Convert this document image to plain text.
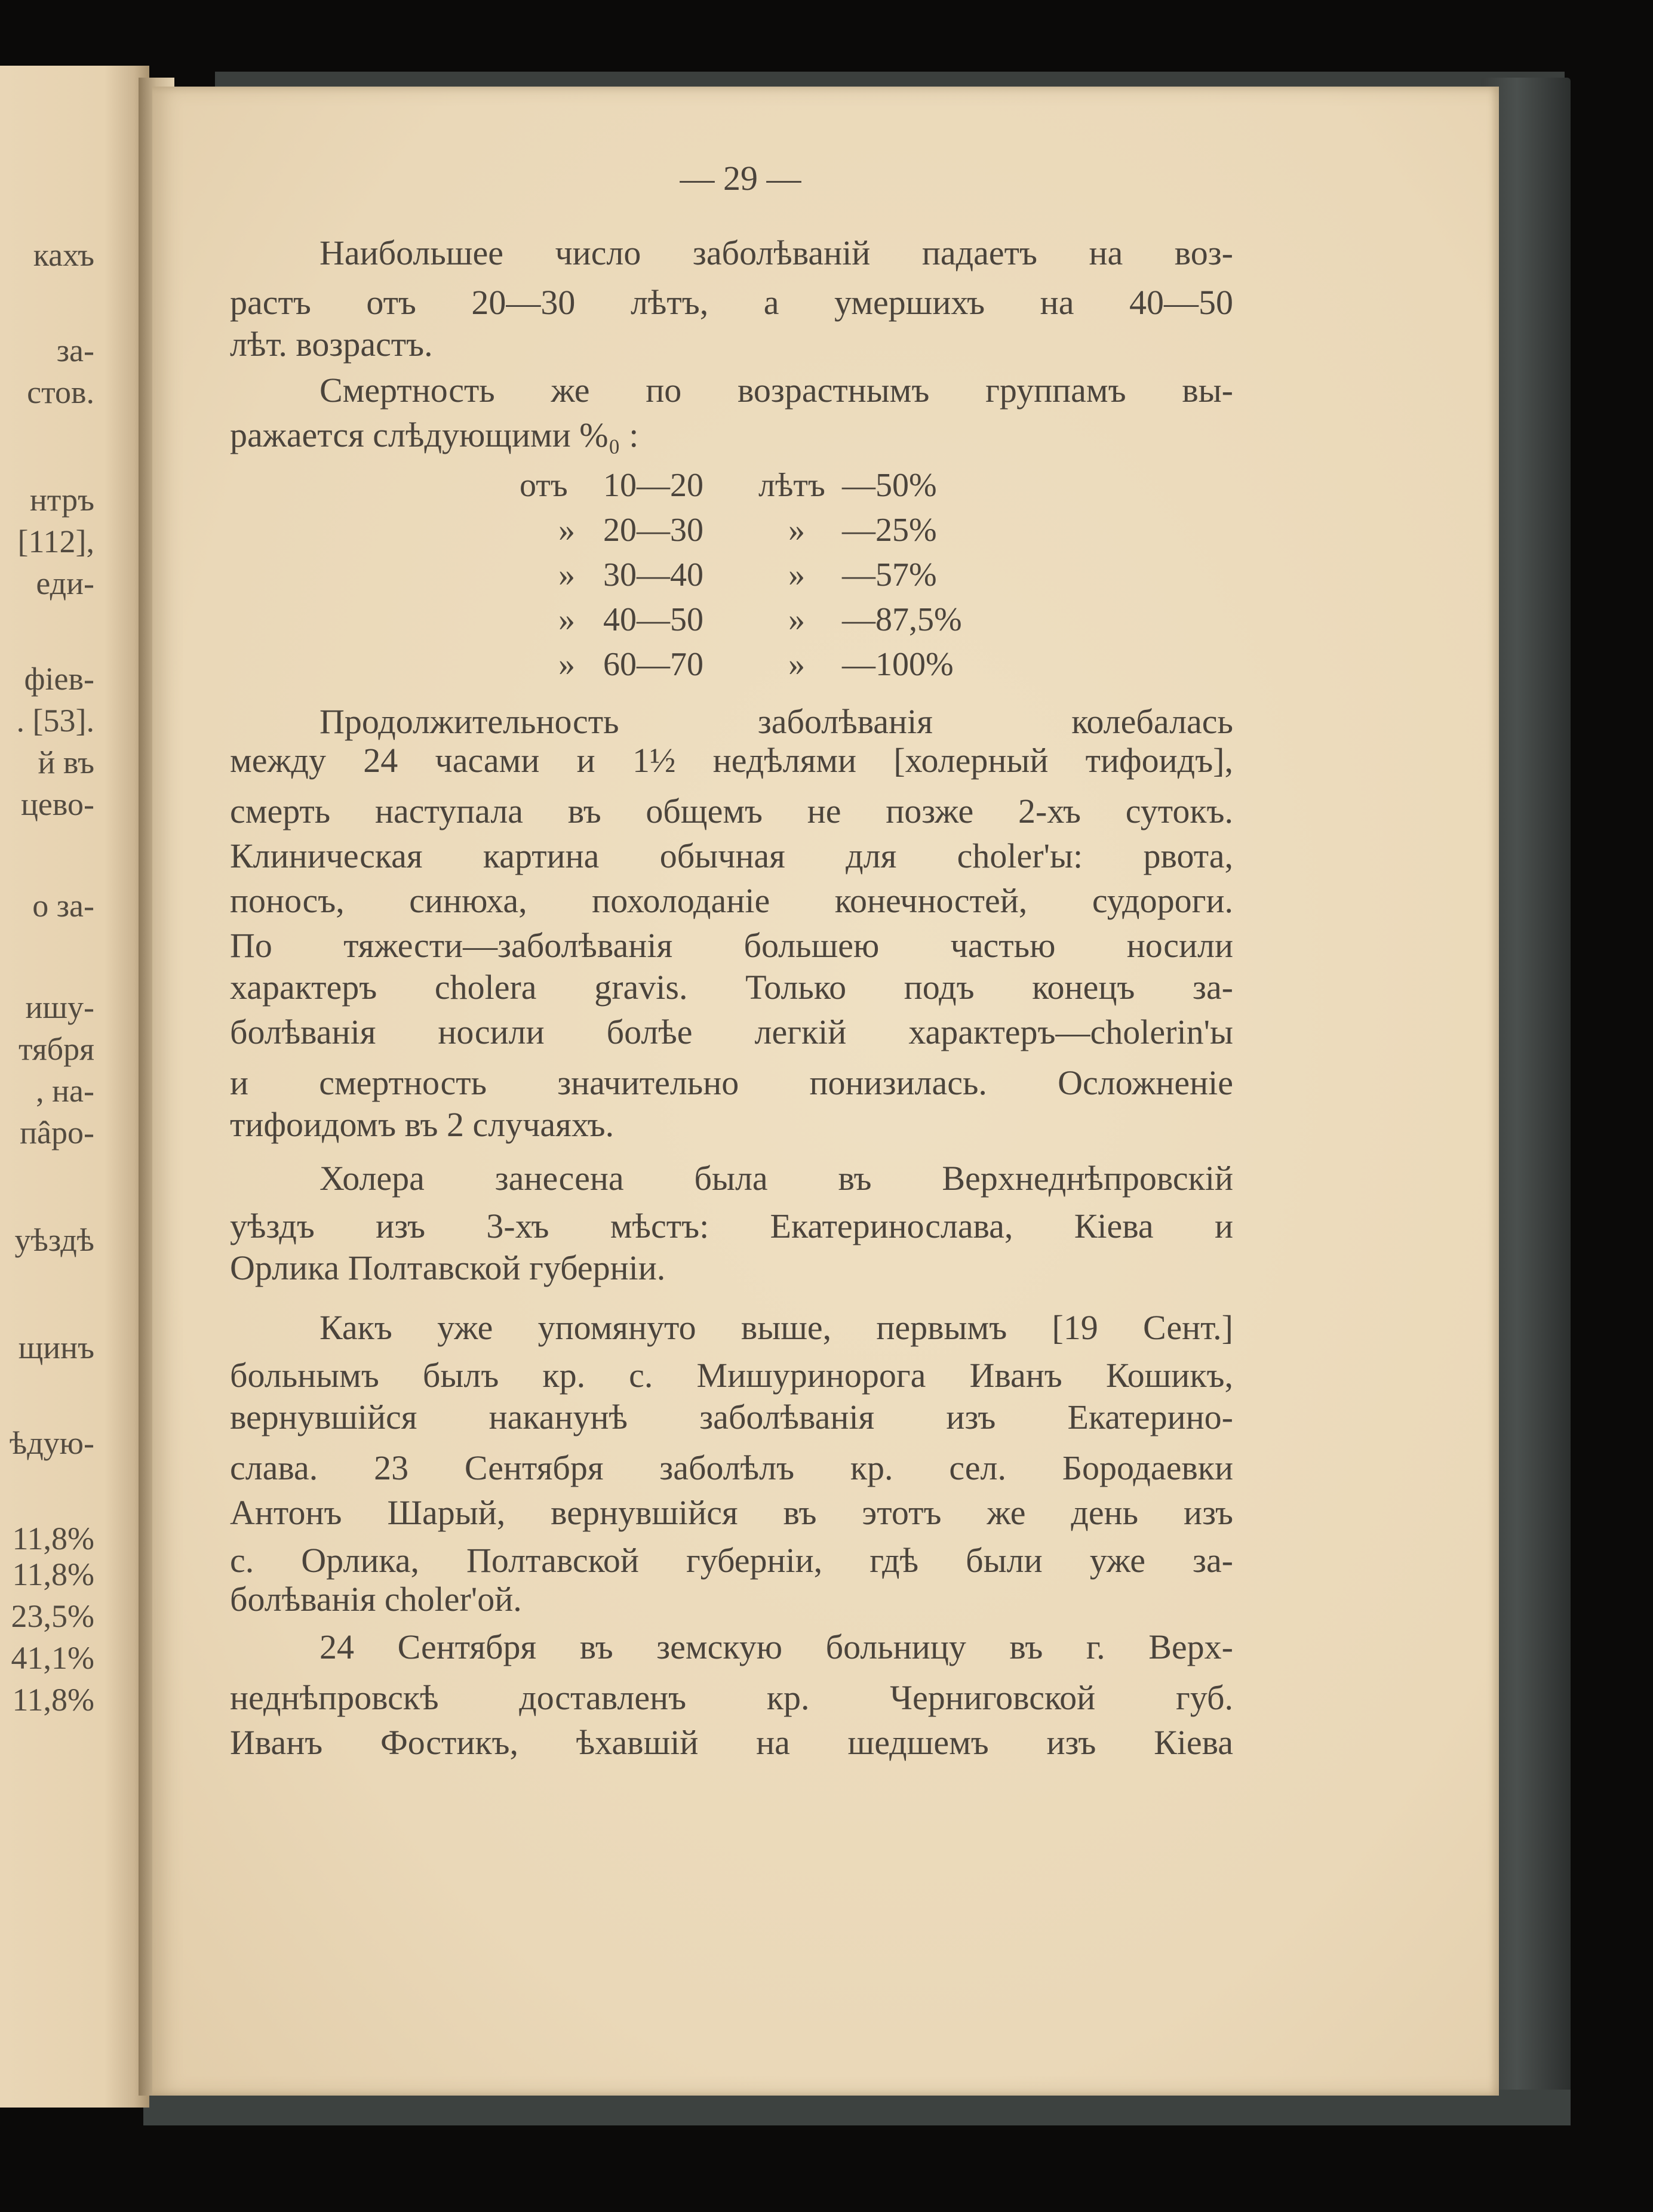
кахъ
за-
стов.
нтръ
[112],
еди-
фіев-
. [53].
й въ
цево-
о за-
ишу-
тября
, на-
пâро-
уѣздѣ
щинъ
ѣдую-
11,8%
11,8%
23,5%
41,1%
11,8%
— 29 —
Наибольшее число заболѣваній падаетъ на воз-
растъ отъ 20—30 лѣтъ, а умершихъ на 40—50
лѣт. возрастъ.
Смертность же по возрастнымъ группамъ вы-
ражается слѣдующими %₀ :
отъ 10—20 лѣтъ —50%
» 20—30	» —25%
» 30—40	» —57%
» 40—50	» —87,5%
» 60—70	» —100%
Продолжительность заболѣванія колебалась
между 24 часами и 1½ недѣлями [холерный тифоидъ],
смерть наступала въ общемъ не позже 2-хъ сутокъ.
Клиническая картина обычная для choler'ы: рвота,
поносъ, синюха, похолоданіе конечностей, судороги.
По тяжести—заболѣванія большею частью носили
характеръ cholera gravis. Только подъ конецъ за-
болѣванія носили болѣе легкій характеръ—cholerin'ы
и смертность значительно понизилась. Осложненіе
тифоидомъ въ 2 случаяхъ.
Холера занесена была въ Верхнеднѣпровскій
уѣздъ изъ 3-хъ мѣстъ: Екатеринослава, Кіева и
Орлика Полтавской губерніи.
Какъ уже упомянуто выше, первымъ [19 Сент.]
больнымъ былъ кр. с. Мишуринорога Иванъ Кошикъ,
вернувшійся наканунѣ заболѣванія изъ Екатерино-
слава. 23 Сентября заболѣлъ кр. сел. Бородаевки
Антонъ Шарый, вернувшійся въ этотъ же день изъ
с. Орлика, Полтавской губерніи, гдѣ были уже за-
болѣванія choler'ой.
24 Сентября въ земскую больницу въ г. Верх-
неднѣпровскѣ доставленъ кр. Черниговской губ.
Иванъ Фостикъ, ѣхавшій на шедшемъ изъ Кіева
